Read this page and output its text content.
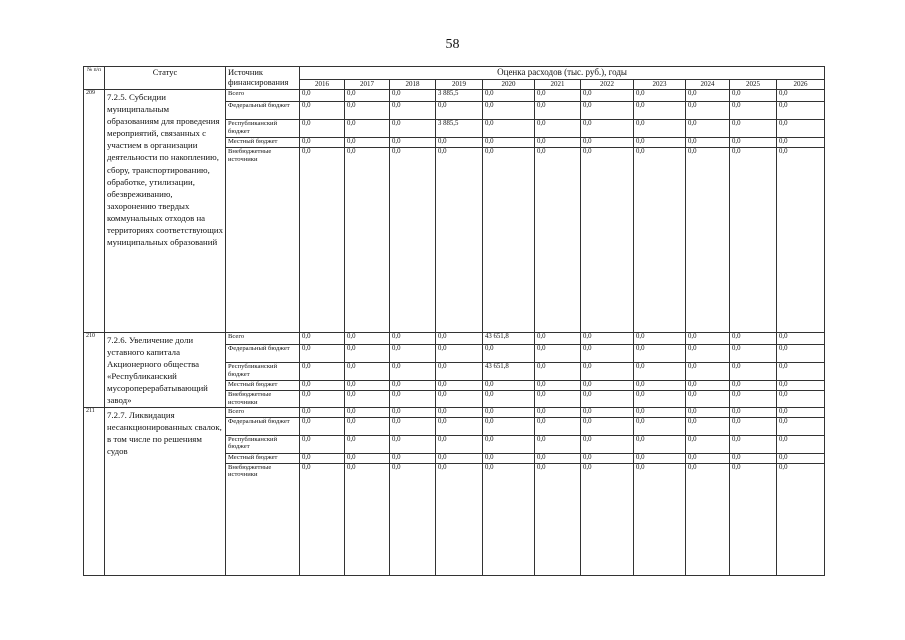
58
№ п/п	Статус	Источник финансирования	Оценка расходов (тыс. руб.), годы										
			2016	2017	2018	2019	2020	2021	2022	2023	2024	2025	2026
209	7.2.5. Субсидии муниципальным образованиям для проведения мероприятий, связанных с участием в организации деятельности по накоплению, сбору, транспортированию, обработке, утилизации, обезвреживанию, захоронению твердых коммунальных отходов на территориях соответствующих муниципальных образований	Всего	0,0	0,0	0,0	3 885,5	0,0	0,0	0,0	0,0	0,0	0,0	0,0
		Федеральный бюджет	0,0	0,0	0,0	0,0	0,0	0,0	0,0	0,0	0,0	0,0	0,0
		Республиканский бюджет	0,0	0,0	0,0	3 885,5	0,0	0,0	0,0	0,0	0,0	0,0	0,0
		Местный бюджет	0,0	0,0	0,0	0,0	0,0	0,0	0,0	0,0	0,0	0,0	0,0
		Внебюджетные источники	0,0	0,0	0,0	0,0	0,0	0,0	0,0	0,0	0,0	0,0	0,0
210	7.2.6. Увеличение доли уставного капитала Акционерного общества «Республиканский мусороперерабатывающий завод»	Всего	0,0	0,0	0,0	0,0	43 651,8	0,0	0,0	0,0	0,0	0,0	0,0
		Федеральный бюджет	0,0	0,0	0,0	0,0	0,0	0,0	0,0	0,0	0,0	0,0	0,0
		Республиканский бюджет	0,0	0,0	0,0	0,0	43 651,8	0,0	0,0	0,0	0,0	0,0	0,0
		Местный бюджет	0,0	0,0	0,0	0,0	0,0	0,0	0,0	0,0	0,0	0,0	0,0
		Внебюджетные источники	0,0	0,0	0,0	0,0	0,0	0,0	0,0	0,0	0,0	0,0	0,0
211	7.2.7. Ликвидация несанкционированных свалок, в том числе по решениям судов	Всего	0,0	0,0	0,0	0,0	0,0	0,0	0,0	0,0	0,0	0,0	0,0
		Федеральный бюджет	0,0	0,0	0,0	0,0	0,0	0,0	0,0	0,0	0,0	0,0	0,0
		Республиканский бюджет	0,0	0,0	0,0	0,0	0,0	0,0	0,0	0,0	0,0	0,0	0,0
		Местный бюджет	0,0	0,0	0,0	0,0	0,0	0,0	0,0	0,0	0,0	0,0	0,0
		Внебюджетные источники	0,0	0,0	0,0	0,0	0,0	0,0	0,0	0,0	0,0	0,0	0,0
